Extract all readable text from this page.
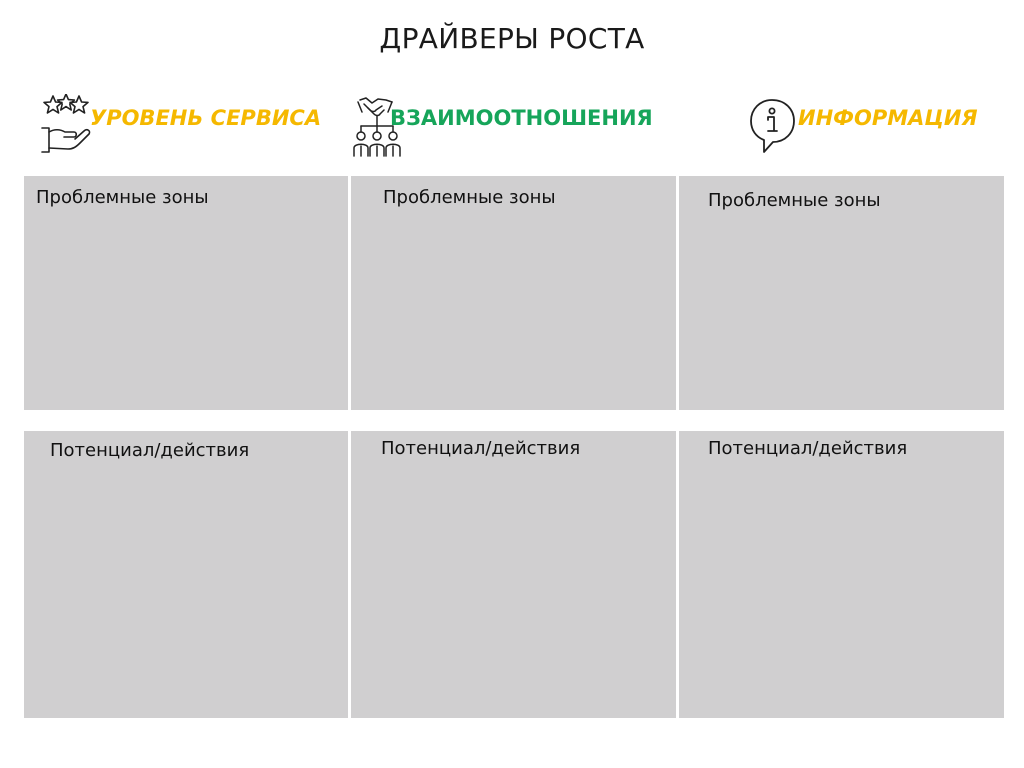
ДРАЙВЕРЫ РОСТА
УРОВЕНЬ СЕРВИСА	ВЗАИМООТНОШЕНИЯ	ИНФОРМАЦИЯ
Проблемные зоны	Проблемные зоны	Проблемные зоны
Потенциал/действия	Потенциал/действия	Потенциал/действия
